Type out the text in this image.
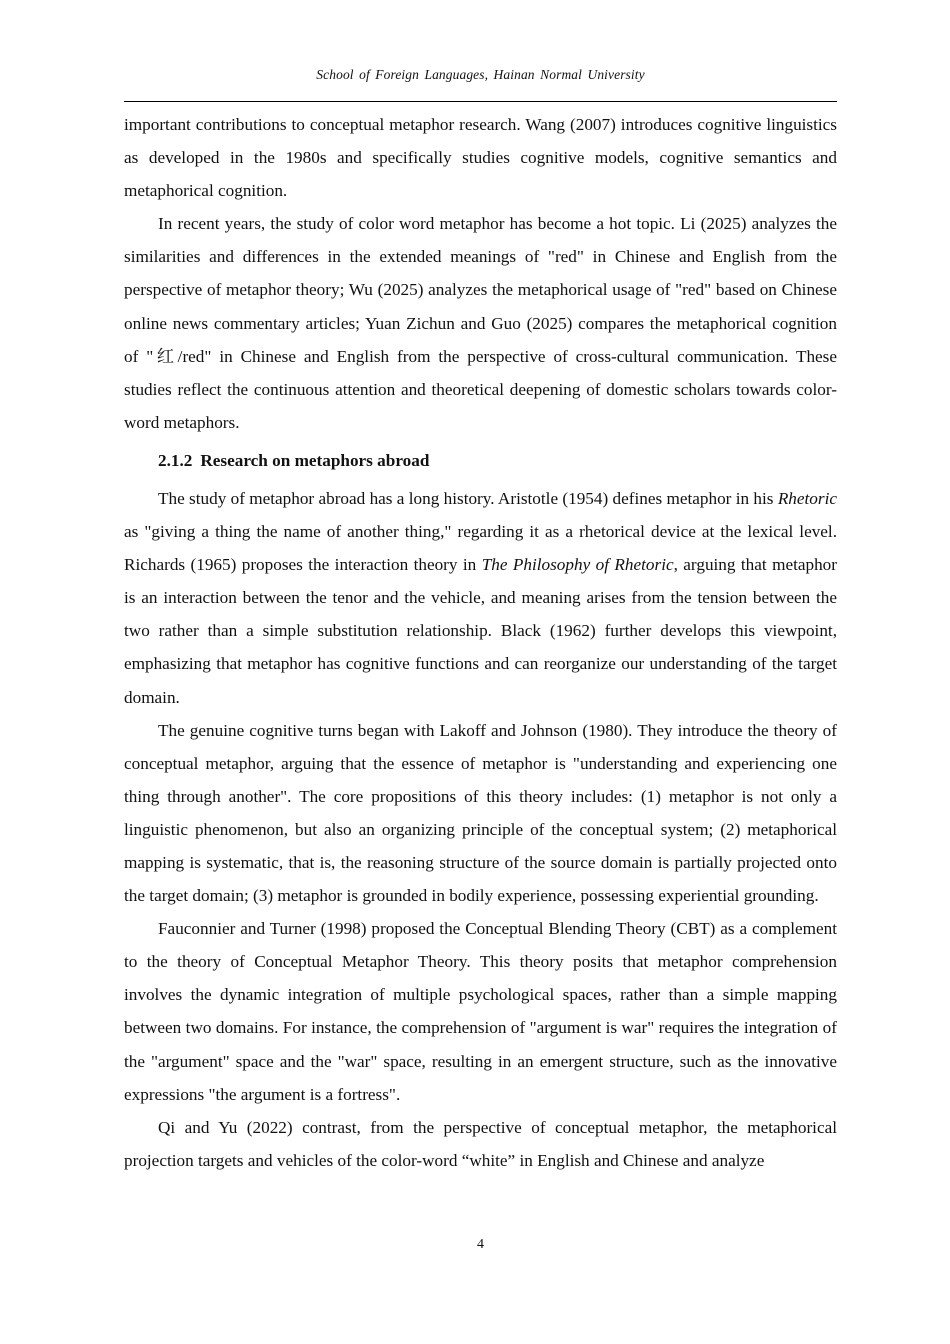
School of Foreign Languages, Hainan Normal University

important contributions to conceptual metaphor research. Wang (2007) introduces cognitive linguistics as developed in the 1980s and specifically studies cognitive models, cognitive semantics and metaphorical cognition.

In recent years, the study of color word metaphor has become a hot topic. Li (2025) analyzes the similarities and differences in the extended meanings of "red" in Chinese and English from the perspective of metaphor theory; Wu (2025) analyzes the metaphorical usage of "red" based on Chinese online news commentary articles; Yuan Zichun and Guo (2025) compares the metaphorical cognition of "红/red" in Chinese and English from the perspective of cross-cultural communication. These studies reflect the continuous attention and theoretical deepening of domestic scholars towards color-word metaphors.

2.1.2 Research on metaphors abroad

The study of metaphor abroad has a long history. Aristotle (1954) defines metaphor in his Rhetoric as "giving a thing the name of another thing," regarding it as a rhetorical device at the lexical level. Richards (1965) proposes the interaction theory in The Philosophy of Rhetoric, arguing that metaphor is an interaction between the tenor and the vehicle, and meaning arises from the tension between the two rather than a simple substitution relationship. Black (1962) further develops this viewpoint, emphasizing that metaphor has cognitive functions and can reorganize our understanding of the target domain.

The genuine cognitive turns began with Lakoff and Johnson (1980). They introduce the theory of conceptual metaphor, arguing that the essence of metaphor is "understanding and experiencing one thing through another". The core propositions of this theory includes: (1) metaphor is not only a linguistic phenomenon, but also an organizing principle of the conceptual system; (2) metaphorical mapping is systematic, that is, the reasoning structure of the source domain is partially projected onto the target domain; (3) metaphor is grounded in bodily experience, possessing experiential grounding.

Fauconnier and Turner (1998) proposed the Conceptual Blending Theory (CBT) as a complement to the theory of Conceptual Metaphor Theory. This theory posits that metaphor comprehension involves the dynamic integration of multiple psychological spaces, rather than a simple mapping between two domains. For instance, the comprehension of "argument is war" requires the integration of the "argument" space and the "war" space, resulting in an emergent structure, such as the innovative expressions "the argument is a fortress".

Qi and Yu (2022) contrast, from the perspective of conceptual metaphor, the metaphorical projection targets and vehicles of the color-word “white” in English and Chinese and analyze

4
